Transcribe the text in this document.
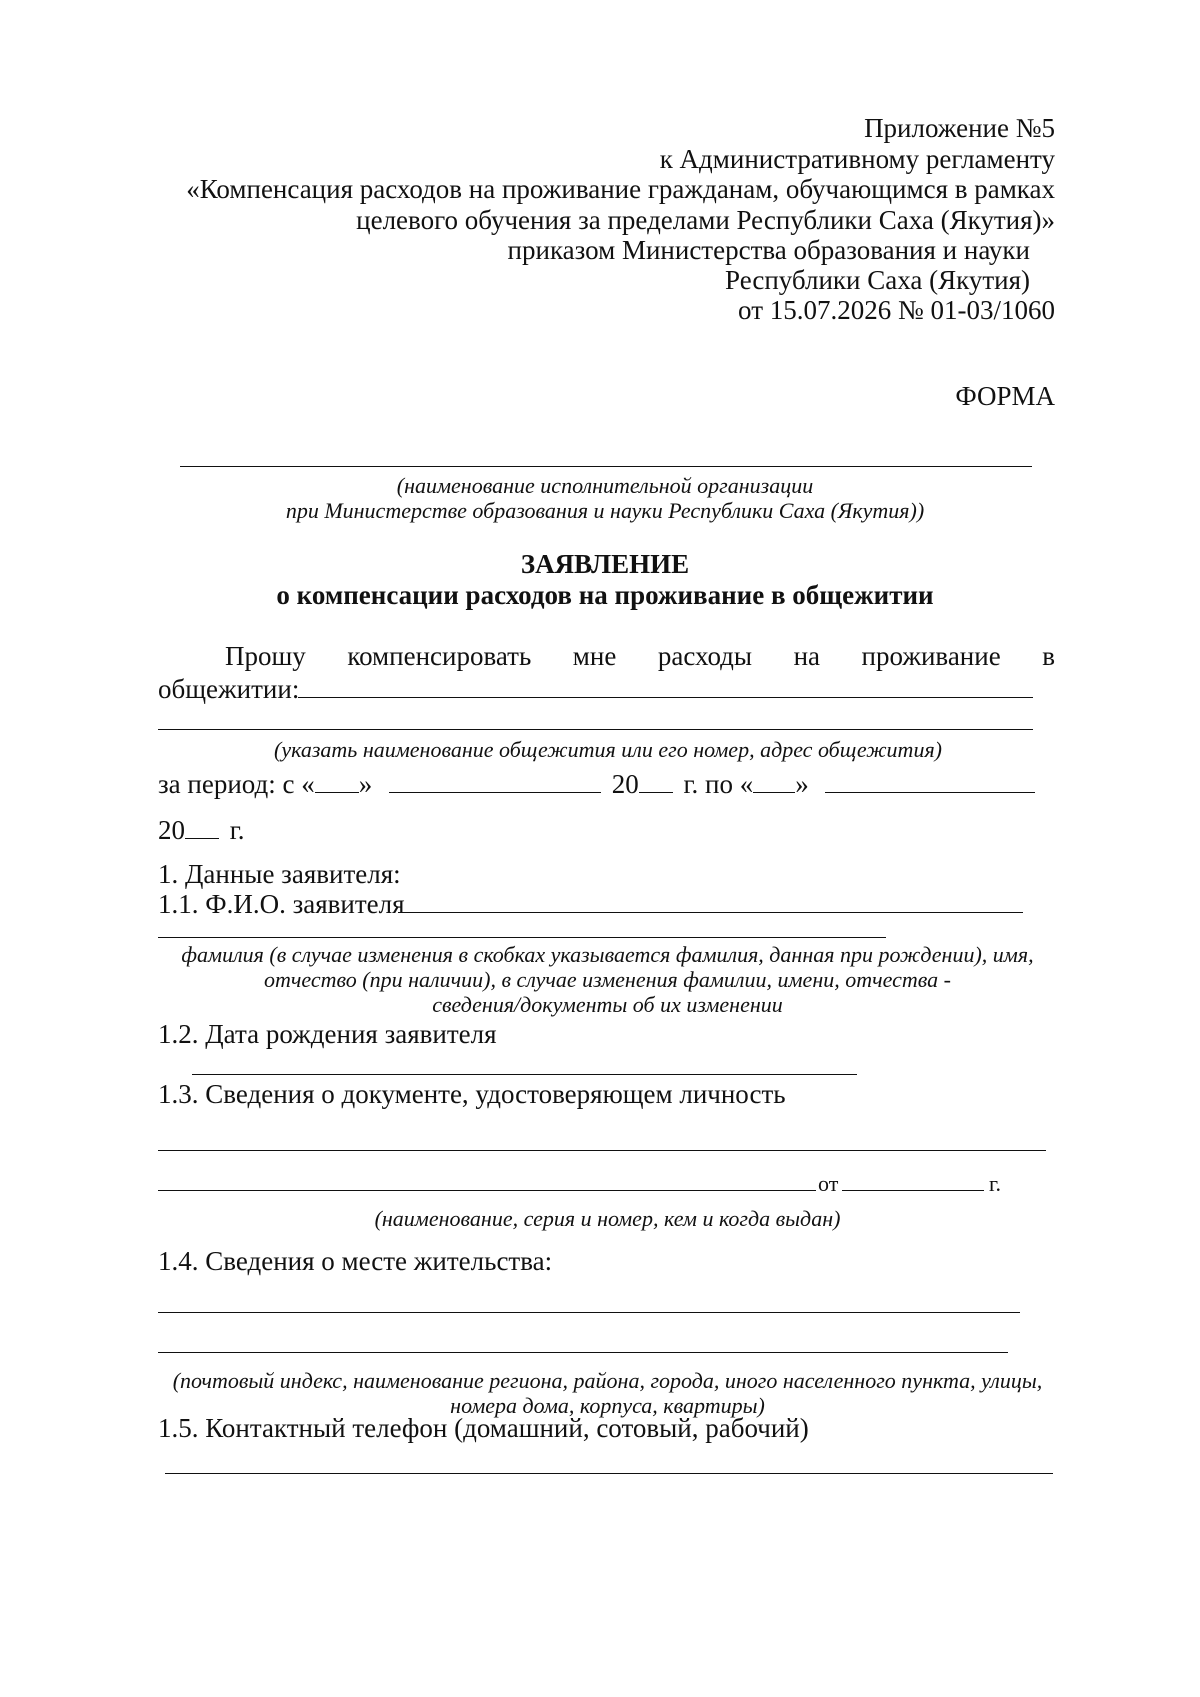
Приложение №5
к Административному регламенту
«Компенсация расходов на проживание гражданам, обучающимся в рамках
целевого обучения за пределами Республики Саха (Якутия)»
приказом Министерства образования и науки
Республики Саха (Якутия)
от 15.07.2026 № 01-03/1060
ФОРМА
(наименование исполнительной организации
при Министерстве образования и науки Республики Саха (Якутия))
ЗАЯВЛЕНИЕ
о компенсации расходов на проживание в общежитии
Прошу компенсировать мне расходы на проживание в
общежитии:
(указать наименование общежития или его номер, адрес общежития)
за период: с « »	20 г. по « »
20 г.
1. Данные заявителя:
1.1. Ф.И.О. заявителя
фамилия (в случае изменения в скобках указывается фамилия, данная при рождении), имя,
отчество (при наличии), в случае изменения фамилии, имени, отчества -
сведения/документы об их изменении
1.2. Дата рождения заявителя
1.3. Сведения о документе, удостоверяющем личность
от	г.
(наименование, серия и номер, кем и когда выдан)
1.4. Сведения о месте жительства:
(почтовый индекс, наименование региона, района, города, иного населенного пункта, улицы,
номера дома, корпуса, квартиры)
1.5. Контактный телефон (домашний, сотовый, рабочий)
